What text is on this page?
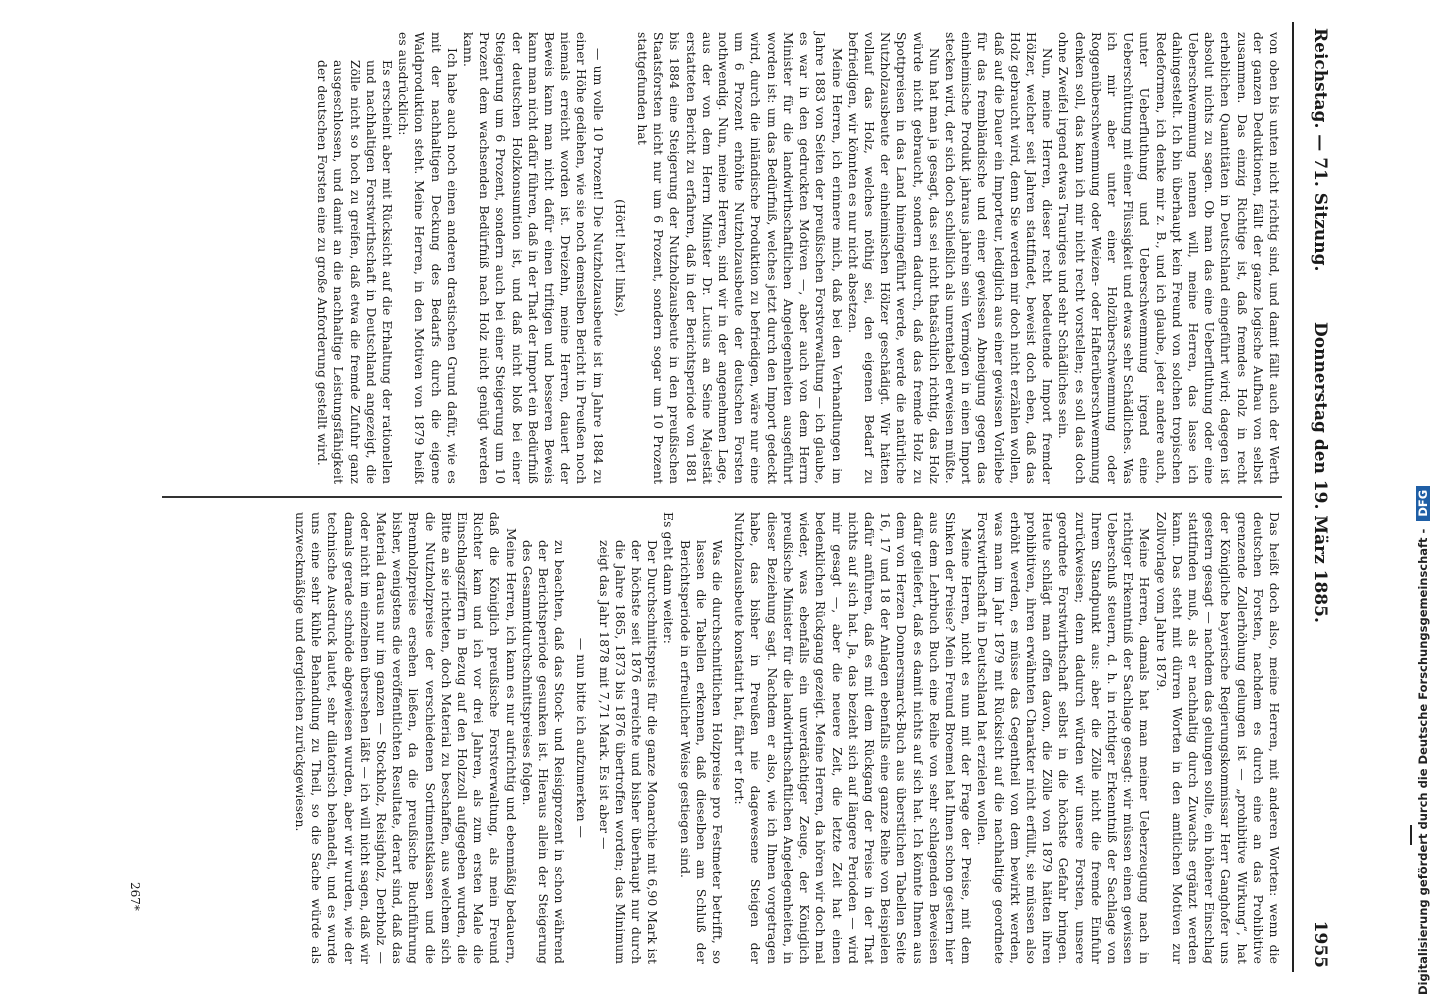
Reichstag. — 71. Sitzung.
Donnerstag den 19. März 1885.
1955

von oben bis unten nicht richtig sind, und damit fällt auch der Werth der ganzen Deduktionen, fällt der ganze logische Aufbau von selbst zusammen. Das einzig Richtige ist, daß fremdes Holz in recht erheblichen Quantitäten in Deutschland eingeführt wird; dagegen ist absolut nichts zu sagen. Ob man das eine Ueberfluthung oder eine Ueberschwemmung nennen will, meine Herren, das lasse ich dahingestellt. Ich bin überhaupt kein Freund von solchen tropischen Redeformen, ich denke mir z. B., und ich glaube, jeder andere auch, unter Ueberfluthung und Ueberschwemmung irgend eine Ueberschüttung mit einer Flüssigkeit und etwas sehr Schädliches. Was ich mir aber unter einer Holzüberschwemmung oder Roggenüberschwemmung oder Weizen- oder Hafterüberschwemmung denken soll, das kann ich mir nicht recht vorstellen; es soll das doch ohne Zweifel irgend etwas Trauriges und sehr Schädliches sein.

Nun, meine Herren, dieser recht bedeutende Import fremder Hölzer, welcher seit Jahren stattfindet, beweist doch eben, daß das Holz gebraucht wird, denn Sie werden mir doch nicht erzählen wollen, daß auf die Dauer ein Importeur, lediglich aus einer gewissen Vorliebe für das frembländische und einer gewissen Abneigung gegen das einheimische Produkt jahraus jahrein sein Vermögen in einen Import stecken wird, der sich doch schließlich als unrentabel erweisen müßte.

Nun hat man ja gesagt, das sei nicht thatsächlich richtig, das Holz würde nicht gebraucht, sondern dadurch, daß das fremde Holz zu Spottpreisen in das Land hineingeführt werde, werde die natürliche Nutzholzausbeute der einheimischen Hölzer geschädigt. Wir hätten vollauf das Holz, welches nöthig sei, den eigenen Bedarf zu befriedigen, wir könnten es nur nicht absetzen.

Meine Herren, ich erinnere mich, daß bei den Verhandlungen im Jahre 1883 von Seiten der preußischen Forstverwaltung — ich glaube, es war in den gedruckten Motiven —, aber auch von dem Herrn Minister für die landwirthschaftlichen Angelegenheiten ausgeführt worden ist: um das Bedürfniß, welches jetzt durch den Import gedeckt wird, durch die inländische Produktion zu befriedigen, wäre nur eine um 6 Prozent erhöhte Nutzholzausbeute der deutschen Forsten nothwendig. Nun, meine Herren, sind wir in der angenehmen Lage, aus der von dem Herrn Minister Dr. Lucius an Seine Majestät erstatteten Bericht zu erfahren, daß in der Berichtsperiode von 1881 bis 1884 eine Steigerung der Nutzholzausbeute in den preußischen Staatsforsten nicht nur um 6 Prozent, sondern sogar um 10 Prozent stattgefunden hat

(Hört! hört! links),

— um volle 10 Prozent! Die Nutzholzausbeute ist im Jahre 1884 zu einer Höhe gediehen, wie sie noch demselben Bericht in Preußen noch niemals erreicht worden ist. Dreizehn, meine Herren, dauert der Beweis kann man nicht dafür einen triftigen und besseren Beweis kann man nicht dafür führen, daß in der That der Import ein Bedürfniß der deutschen Holzkonsumtion ist, und daß nicht bloß bei einer Steigerung um 6 Prozent, sondern auch bei einer Steigerung um 10 Prozent dem wachsenden Bedürfniß nach Holz nicht genügt werden kann.

Ich habe auch noch einen anderen drastischen Grund dafür, wie es mit der nachhaltigen Deckung des Bedarfs durch die eigene Waldproduktion steht. Meine Herren, in den Motiven von 1879 heißt es ausdrücklich:

Es erscheint aber mit Rücksicht auf die Erhaltung der rationellen und nachhaltigen Forstwirthschaft in Deutschland angezeigt, die Zölle nicht so hoch zu greifen, daß etwa die fremde Zufuhr ganz ausgeschlossen, und damit an die nachhaltige Leistungsfähigkeit der deutschen Forsten eine zu große Anforderung gestellt wird.

Das heißt doch also, meine Herren, mit anderen Worten: wenn die deutschen Forsten, nachdem es durch eine an das Prohibitive grenzende Zollerhöhung gelungen ist — „prohibitive Wirkung“, hat der Königliche bayerische Regierungskommissar Herr Ganghofer uns gestern gesagt — nachdem das gelungen sollte, ein höherer Einschlag stattfinden muß, als er nachhaltig durch Zuwachs ergänzt werden kann. Das steht mit dürren Worten in den amtlichen Motiven zur Zollvorlage vom Jahre 1879.

Meine Herren, damals hat man meiner Ueberzeugung nach in richtiger Erkenntniß der Sachlage gesagt: wir müssen einen gewissen Ueberschuß steuern, d. h. in richtiger Erkenntniß der Sachlage von Ihrem Standpunkt aus: aber die Zölle nicht die fremde Einfuhr zurückweisen; denn dadurch würden wir unsere Forsten, unsere geordnete Forstwirthschaft selbst in die höchste Gefahr bringen. Heute schlägt man offen davon, die Zölle von 1879 hätten ihren prohibitiven, ihren erwähnten Charakter nicht erfüllt, sie müssen also erhöht werden, es müsse das Gegentheil von dem bewirkt werden, was man im Jahr 1879 mit Rücksicht auf die nachhaltige geordnete Forstwirthschaft in Deutschland hat erzielen wollen.

Meine Herren, nicht es nun mit der Frage der Preise, mit dem Sinken der Preise? Mein Freund Broemel hat Ihnen schon gestern hier aus dem Lehrbuch Buch eine Reihe von sehr schlagenden Beweisen dafür geliefert, daß es damit nichts auf sich hat. Ich könnte Ihnen aus dem von Herzen Donnersmarck-Buch aus überstlichen Tabellen Seite 16, 17 und 18 der Anlagen ebenfalls eine ganze Reihe von Beispielen dafür anführen, daß es mit dem Rückgang der Preise in der That nichts auf sich hat. Ja, das bezieht sich auf längere Perioden — wird mir gesagt —, aber die neuere Zeit, die letzte Zeit hat einen bedenklichen Rückgang gezeigt. Meine Herren, da hören wir doch mal wieder, was ebenfalls ein unverdächtiger Zeuge, der Königlich preußische Minister für die landwirthschaftlichen Angelegenheiten, in dieser Beziehung sagt. Nachdem er also, wie ich Ihnen vorgetragen habe, das bisher in Preußen nie dagewesene Steigen der Nutzholzausbeute konstatirt hat, fährt er fort:

Was die durchschnittlichen Holzpreise pro Festmeter betrifft, so lassen die Tabellen erkennen, daß dieselben am Schluß der Berichtsperiode in erfreulicher Weise gestiegen sind.

Es geht dann weiter:

Der Durchschnittspreis für die ganze Monarchie mit 6,90 Mark ist der höchste seit 1876 erreichte und bisher überhaupt nur durch die Jahre 1865, 1873 bis 1876 übertroffen worden; das Minimum zeigt das Jahr 1878 mit 7,71 Mark. Es ist aber —

— nun bitte ich aufzumerken —

zu beachten, daß das Stock- und Reisigprozent in schon während der Berichtsperiode gesunken ist. Hieraus allein der Steigerung des Gesammtdurchschnittspreises folgen.

Meine Herren, ich kann es nur aufrichtig und ebenmäßig bedauern, daß die Königlich preußische Forstverwaltung, als mein Freund Richter kam und ich vor drei Jahren, als zum ersten Male die Einschlagsziffern in Bezug auf den Holzzoll aufgegeben wurden, die Bitte an sie richteten, doch Material zu beschaffen, aus welchem sich die Nutzholzpreise der verschiedenen Sortimentsklassen und die Brennholzpreise ersehen ließen, da die preußische Buchführung bisher, wenigstens die veröffentlichten Resultate, derart sind, daß das Material daraus nur im ganzen — Stockholz, Reisigholz, Derbholz — oder nicht im einzelnen übersehen läßt — ich will nicht sagen, daß wir damals gerade schnöde abgewiesen wurden, aber wir wurden, wie der technische Ausdruck lautet, sehr dilatorisch behandelt, und es wurde uns eine sehr kühle Behandlung zu Theil, so die Sache würde als unzweckmäßige und dergleichen zurückgewiesen.

267*	Digitalisierung gefördert durch die Deutsche Forschungsgemeinschaft - DFG
